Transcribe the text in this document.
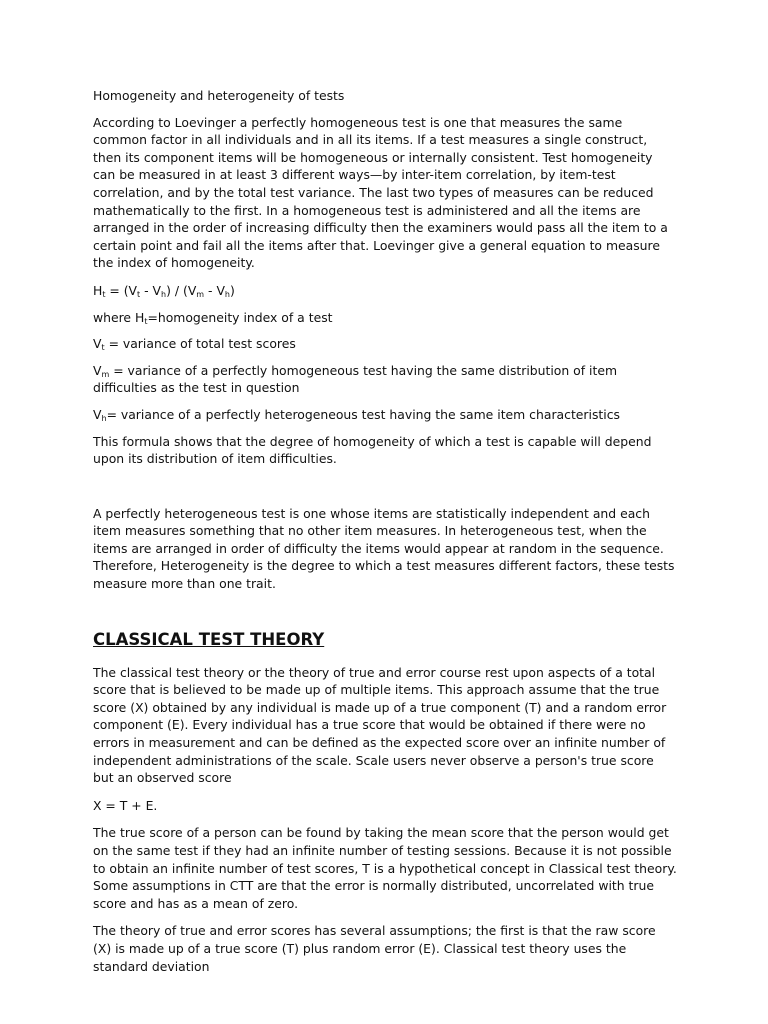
Homogeneity and heterogeneity of tests

According to Loevinger a perfectly homogeneous test is one that measures the same common factor in all individuals and in all its items. If a test measures a single construct, then its component items will be homogeneous or internally consistent. Test homogeneity can be measured in at least 3 different ways—by inter-item correlation, by item-test correlation, and by the total test variance. The last two types of measures can be reduced mathematically to the first. In a homogeneous test is administered and all the items are arranged in the order of increasing difficulty then the examiners would pass all the item to a certain point and fail all the items after that. Loevinger give a general equation to measure the index of homogeneity.

$H_t = (V_t - V_h) / (V_m - V_h)$

where $H_t=homogeneity$ index of a test

$V_t$ = variance of total test scores

$V_m$ = variance of a perfectly homogeneous test having the same distribution of item difficulties as the test in question

$V_h=$ variance of a perfectly heterogeneous test having the same item characteristics

This formula shows that the degree of homogeneity of which a test is capable will depend upon its distribution of item difficulties.

A perfectly heterogeneous test is one whose items are statistically independent and each item measures something that no other item measures. In heterogeneous test, when the items are arranged in order of difficulty the items would appear at random in the sequence. Therefore, Heterogeneity is the degree to which a test measures different factors, these tests measure more than one trait.

CLASSICAL TEST THEORY

The classical test theory or the theory of true and error course rest upon aspects of a total score that is believed to be made up of multiple items. This approach assume that the true score (X) obtained by any individual is made up of a true component (T) and a random error component (E). Every individual has a true score that would be obtained if there were no errors in measurement and can be defined as the expected score over an infinite number of independent administrations of the scale. Scale users never observe a person's true score but an observed score

X = T + E.

The true score of a person can be found by taking the mean score that the person would get on the same test if they had an infinite number of testing sessions. Because it is not possible to obtain an infinite number of test scores, T is a hypothetical concept in Classical test theory. Some assumptions in CTT are that the error is normally distributed, uncorrelated with true score and has as a mean of zero.

The theory of true and error scores has several assumptions; the first is that the raw score (X) is made up of a true score (T) plus random error (E). Classical test theory uses the standard deviation
